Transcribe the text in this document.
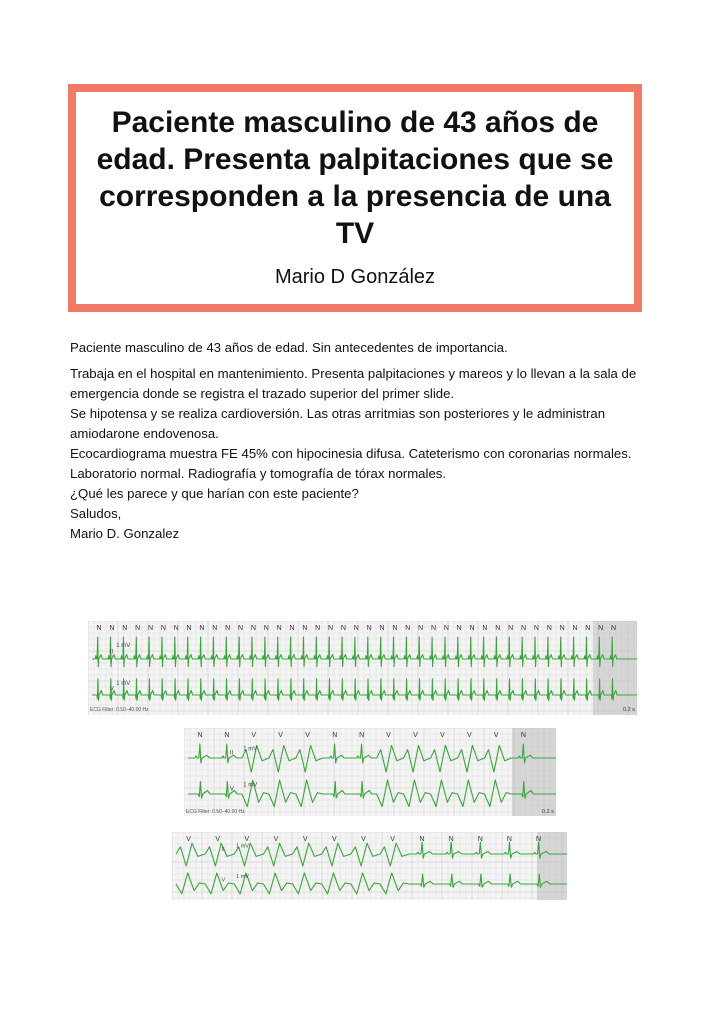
Paciente masculino de 43 años de edad. Presenta palpitaciones que se corresponden a la presencia de una TV
Mario D González

Paciente masculino de 43 años de edad. Sin antecedentes de importancia.

Trabaja en el hospital en mantenimiento. Presenta palpitaciones y mareos y lo llevan a la sala de emergencia donde se registra el trazado superior del primer slide.

Se hipotensa y se realiza cardioversión. Las otras arritmias son posteriores y le administran amiodarone endovenosa.

Ecocardiograma muestra FE 45% con hipocinesia difusa. Cateterismo con coronarias normales.

Laboratorio normal. Radiografía y tomografía de tórax normales.

¿Qué les parece y que harían con este paciente?

Saludos,

Mario D. Gonzalez

N N N N N N N N N N N N N N N N N N N N N N N N N N N N N N N N N N N N N N N N N
II
1 mV
V
1 mV
ECG Filter: 0.50–40.00 Hz	0.2 s
N	N	V	V	V	N	N	V	V	V	V	V	N
II
1 mV
V
1 mV
ECG Filter: 0.50–40.00 Hz	0.2 s
V	V	V	V	V	V	V	V	N	N	N	N	N
II
1 mV
V
1 mV
